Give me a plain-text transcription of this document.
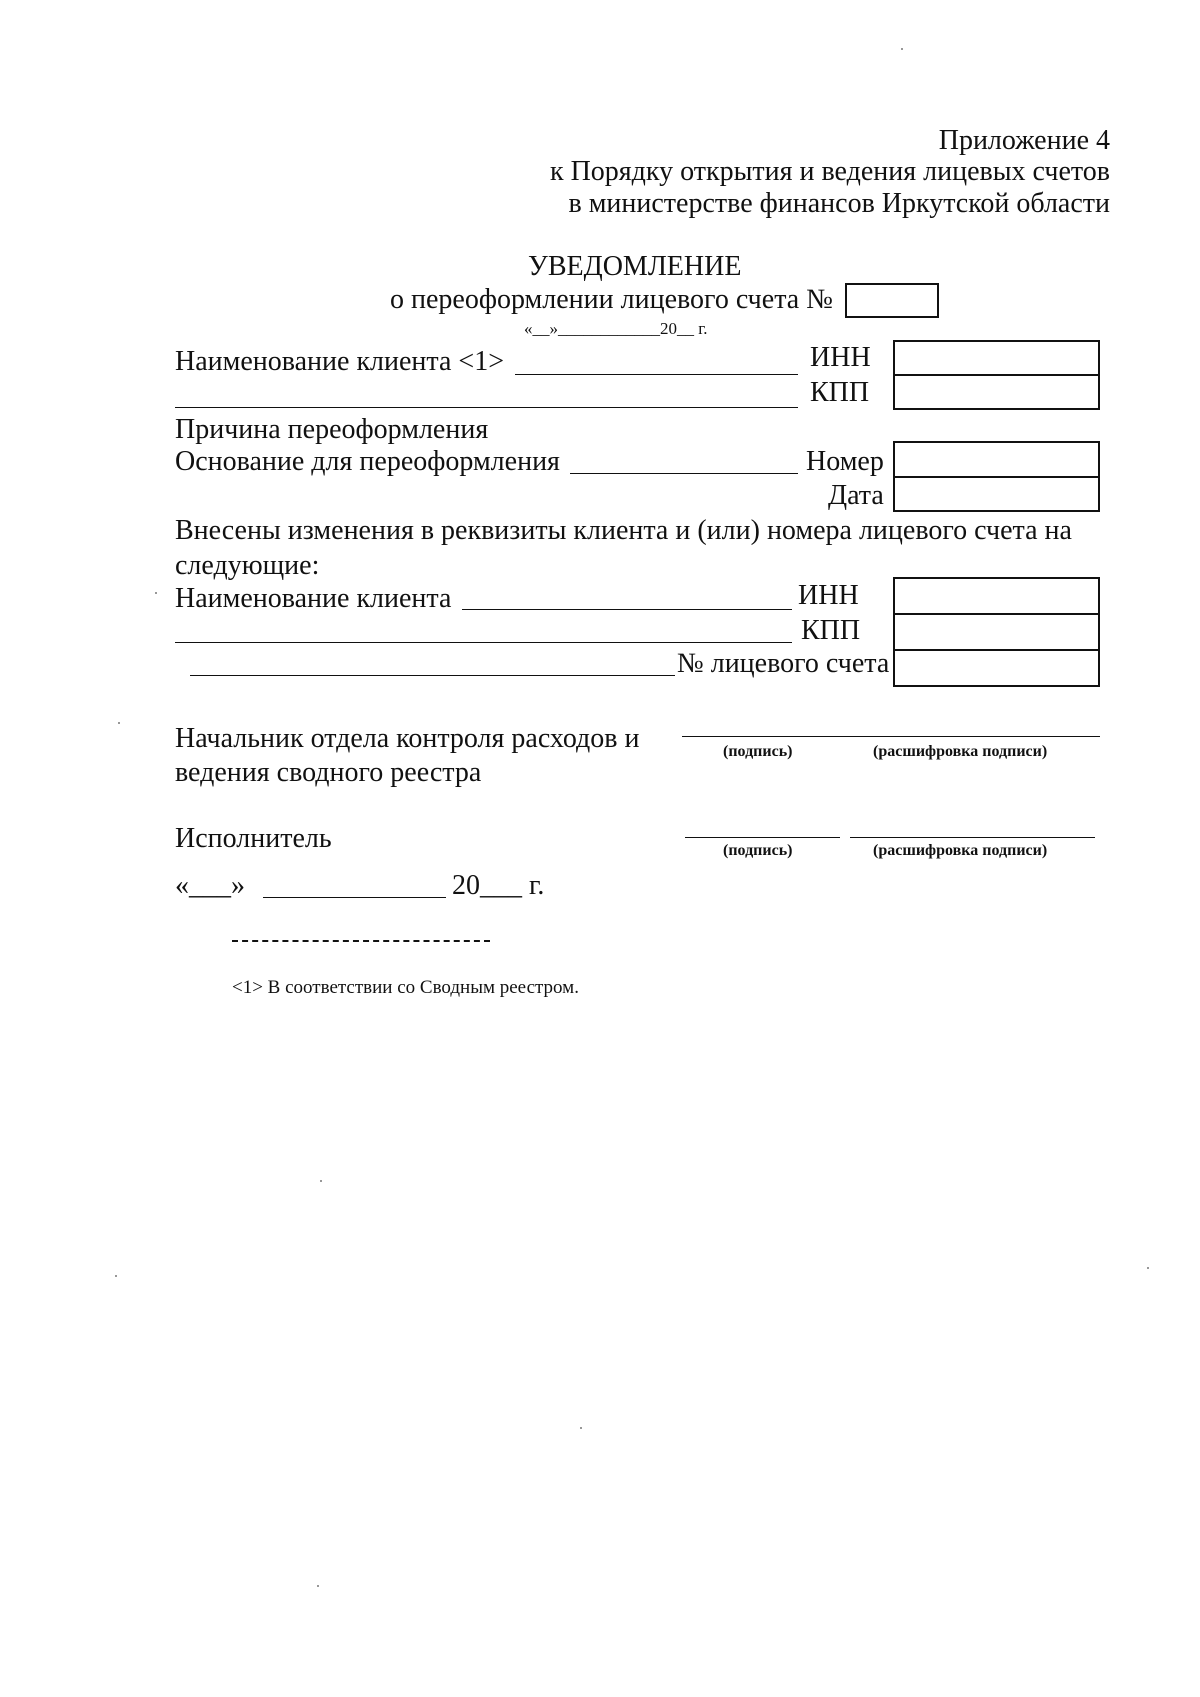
Приложение 4
к Порядку открытия и ведения лицевых счетов
в министерстве финансов Иркутской области
УВЕДОМЛЕНИЕ
о переоформлении лицевого счета №
«__»____________20__ г.
Наименование клиента <1>	ИНН
КПП
Причина переоформления
Основание для переоформления	Номер
Дата
Внесены изменения в реквизиты клиента и (или) номера лицевого счета на
следующие:
Наименование клиента	ИНН
КПП
№ лицевого счета
Начальник отдела контроля расходов и
ведения сводного реестра
(подпись)	(расшифровка подписи)
Исполнитель	(подпись)	(расшифровка подписи)
«___»	20___ г.
<1> В соответствии со Сводным реестром.
